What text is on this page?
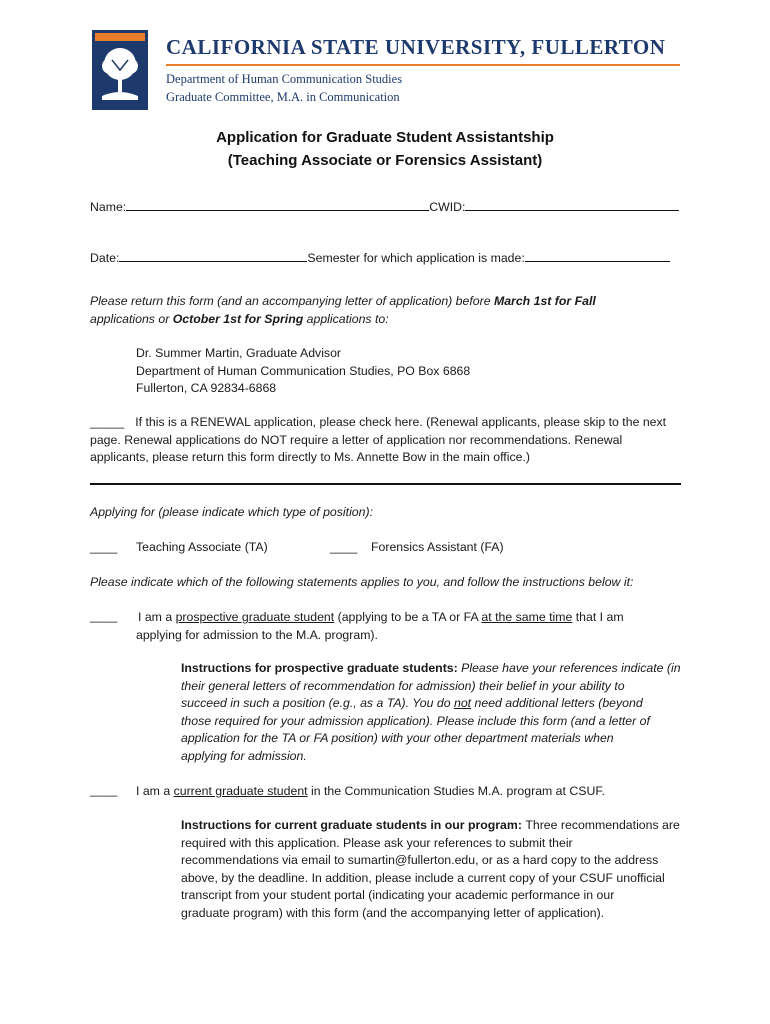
CALIFORNIA STATE UNIVERSITY, FULLERTON
Department of Human Communication Studies
Graduate Committee, M.A. in Communication
Application for Graduate Student Assistantship
(Teaching Associate or Forensics Assistant)
Name:	CWID:
Date:	Semester for which application is made:
Please return this form (and an accompanying letter of application) before March 1st for Fall
applications or October 1st for Spring applications to:
Dr. Summer Martin, Graduate Advisor
Department of Human Communication Studies, PO Box 6868
Fullerton, CA 92834-6868
_____ If this is a RENEWAL application, please check here. (Renewal applicants, please skip to the next
page. Renewal applications do NOT require a letter of application nor recommendations. Renewal
applicants, please return this form directly to Ms. Annette Bow in the main office.)
Applying for (please indicate which type of position):
____ Teaching Associate (TA)	____ Forensics Assistant (FA)
Please indicate which of the following statements applies to you, and follow the instructions below it:
____ I am a prospective graduate student (applying to be a TA or FA at the same time that I am
applying for admission to the M.A. program).
Instructions for prospective graduate students: Please have your references indicate (in
their general letters of recommendation for admission) their belief in your ability to
succeed in such a position (e.g., as a TA). You do not need additional letters (beyond
those required for your admission application). Please include this form (and a letter of
application for the TA or FA position) with your other department materials when
applying for admission.
____ I am a current graduate student in the Communication Studies M.A. program at CSUF.
Instructions for current graduate students in our program: Three recommendations are
required with this application. Please ask your references to submit their
recommendations via email to sumartin@fullerton.edu, or as a hard copy to the address
above, by the deadline. In addition, please include a current copy of your CSUF unofficial
transcript from your student portal (indicating your academic performance in our
graduate program) with this form (and the accompanying letter of application).
